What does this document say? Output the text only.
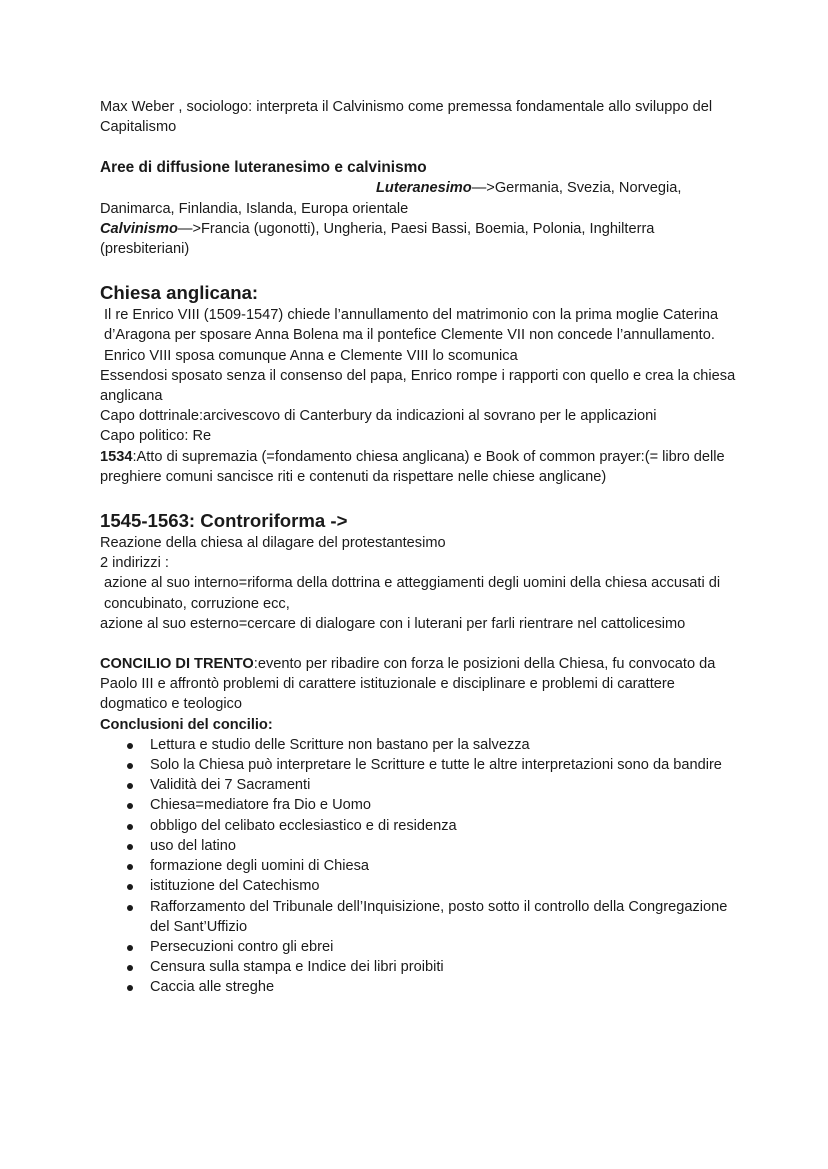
Max Weber , sociologo: interpreta il Calvinismo come premessa fondamentale allo sviluppo del Capitalismo

Aree di diffusione luteranesimo e calvinismo

Luteranesimo—>Germania, Svezia, Norvegia,

Danimarca, Finlandia, Islanda, Europa orientale

Calvinismo—>Francia (ugonotti), Ungheria, Paesi Bassi, Boemia, Polonia, Inghilterra (presbiteriani)

Chiesa anglicana:

Il re Enrico VIII (1509-1547) chiede l’annullamento del matrimonio con la prima moglie Caterina d’Aragona per sposare Anna Bolena ma il pontefice Clemente VII non concede l’annullamento. Enrico VIII sposa comunque Anna e Clemente VIII lo scomunica

Essendosi sposato senza il consenso del papa, Enrico rompe i rapporti con quello e crea la chiesa anglicana

Capo dottrinale:arcivescovo di Canterbury da indicazioni al sovrano per le applicazioni

Capo politico: Re

1534:Atto di supremazia (=fondamento chiesa anglicana) e Book of common prayer:(= libro delle preghiere comuni sancisce riti e contenuti da rispettare nelle chiese anglicane)

1545-1563: Controriforma ->

Reazione della chiesa al dilagare del protestantesimo

2 indirizzi :

azione al suo interno=riforma della dottrina e atteggiamenti degli uomini della chiesa accusati di concubinato, corruzione ecc,

azione al suo esterno=cercare di dialogare con i luterani per farli rientrare nel cattolicesimo

CONCILIO DI TRENTO:evento per ribadire con forza le posizioni della Chiesa, fu convocato da Paolo III e affrontò problemi di carattere istituzionale e disciplinare e problemi di carattere dogmatico e teologico

Conclusioni del concilio:

Lettura e studio delle Scritture non bastano per la salvezza
Solo la Chiesa può interpretare le Scritture e tutte le altre interpretazioni sono da bandire
Validità dei 7 Sacramenti
Chiesa=mediatore fra Dio e Uomo
obbligo del celibato ecclesiastico e di residenza
uso del latino
formazione degli uomini di Chiesa
istituzione del Catechismo
Rafforzamento del Tribunale dell’Inquisizione, posto sotto il controllo della Congregazione del Sant’Uffizio
Persecuzioni contro gli ebrei
Censura sulla stampa e Indice dei libri proibiti
Caccia alle streghe
